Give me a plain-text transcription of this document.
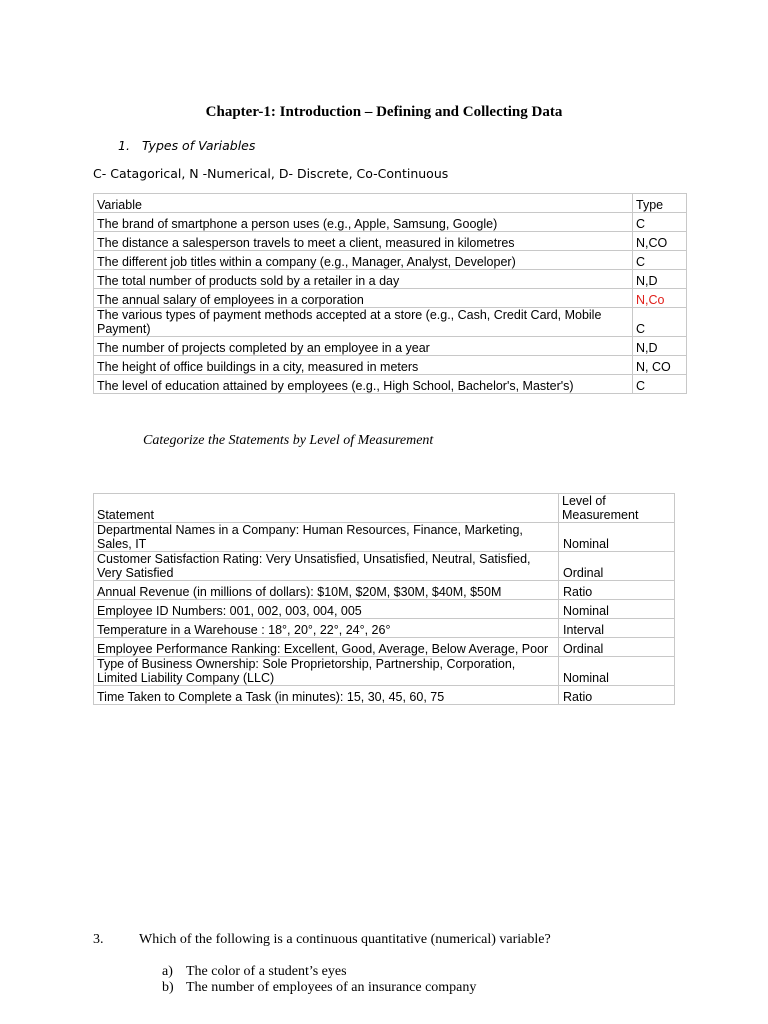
Chapter-1: Introduction – Defining and Collecting Data
1. Types of Variables
C- Catagorical, N -Numerical, D- Discrete, Co-Continuous
Variable	Type
The brand of smartphone a person uses (e.g., Apple, Samsung, Google)	C
The distance a salesperson travels to meet a client, measured in kilometres	N,CO
The different job titles within a company (e.g., Manager, Analyst, Developer)	C
The total number of products sold by a retailer in a day	N,D
The annual salary of employees in a corporation	N,Co
The various types of payment methods accepted at a store (e.g., Cash, Credit Card, Mobile Payment)	C
The number of projects completed by an employee in a year	N,D
The height of office buildings in a city, measured in meters	N, CO
The level of education attained by employees (e.g., High School, Bachelor's, Master's)	C
Categorize the Statements by Level of Measurement
Statement	Level of Measurement
Departmental Names in a Company: Human Resources, Finance, Marketing, Sales, IT	Nominal
Customer Satisfaction Rating: Very Unsatisfied, Unsatisfied, Neutral, Satisfied, Very Satisfied	Ordinal
Annual Revenue (in millions of dollars): $10M, $20M, $30M, $40M, $50M	Ratio
Employee ID Numbers: 001, 002, 003, 004, 005	Nominal
Temperature in a Warehouse : 18°, 20°, 22°, 24°, 26°	Interval
Employee Performance Ranking: Excellent, Good, Average, Below Average, Poor	Ordinal
Type of Business Ownership: Sole Proprietorship, Partnership, Corporation, Limited Liability Company (LLC)	Nominal
Time Taken to Complete a Task (in minutes): 15, 30, 45, 60, 75	Ratio
3.	Which of the following is a continuous quantitative (numerical) variable?
a) The color of a student’s eyes
b) The number of employees of an insurance company
